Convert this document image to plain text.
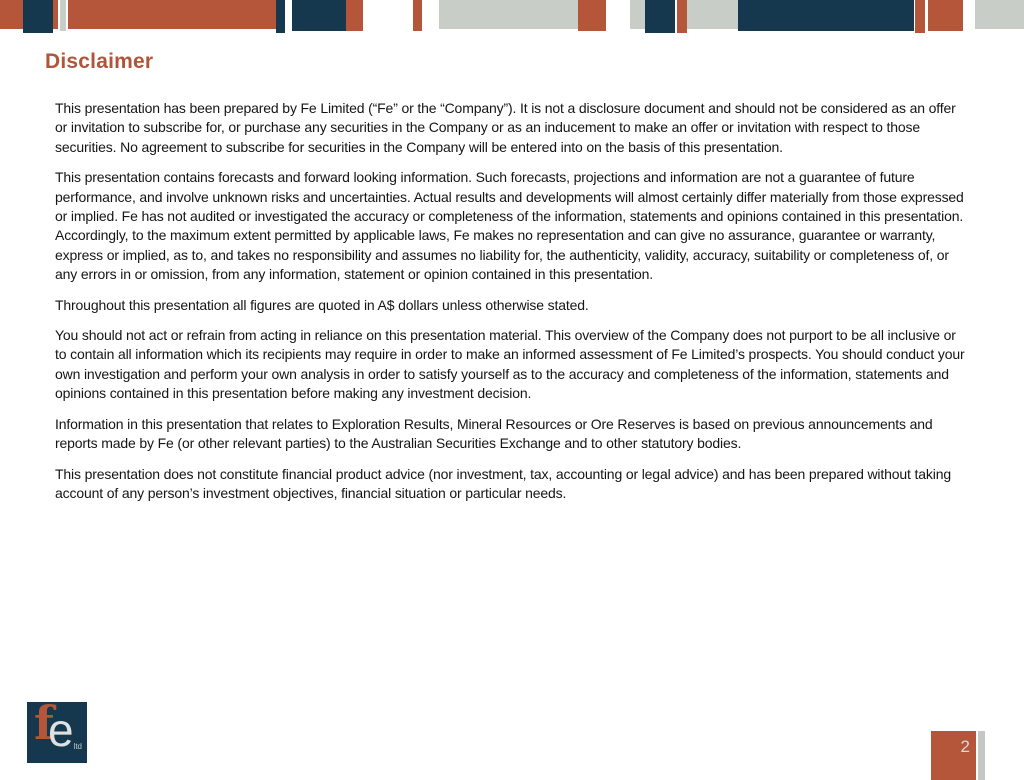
Disclaimer

This presentation has been prepared by Fe Limited (“Fe” or the “Company”). It is not a disclosure document and should not be considered as an offer or invitation to subscribe for, or purchase any securities in the Company or as an inducement to make an offer or invitation with respect to those securities. No agreement to subscribe for securities in the Company will be entered into on the basis of this presentation.

This presentation contains forecasts and forward looking information. Such forecasts, projections and information are not a guarantee of future performance, and involve unknown risks and uncertainties. Actual results and developments will almost certainly differ materially from those expressed or implied. Fe has not audited or investigated the accuracy or completeness of the information, statements and opinions contained in this presentation. Accordingly, to the maximum extent permitted by applicable laws, Fe makes no representation and can give no assurance, guarantee or warranty, express or implied, as to, and takes no responsibility and assumes no liability for, the authenticity, validity, accuracy, suitability or completeness of, or any errors in or omission, from any information, statement or opinion contained in this presentation.

Throughout this presentation all figures are quoted in A$ dollars unless otherwise stated.

You should not act or refrain from acting in reliance on this presentation material. This overview of the Company does not purport to be all inclusive or to contain all information which its recipients may require in order to make an informed assessment of Fe Limited’s prospects. You should conduct your own investigation and perform your own analysis in order to satisfy yourself as to the accuracy and completeness of the information, statements and opinions contained in this presentation before making any investment decision.

Information in this presentation that relates to Exploration Results, Mineral Resources or Ore Reserves is based on previous announcements and reports made by Fe (or other relevant parties) to the Australian Securities Exchange and to other statutory bodies.

This presentation does not constitute financial product advice (nor investment, tax, accounting or legal advice) and has been prepared without taking account of any person’s investment objectives, financial situation or particular needs.

f
e ltd	2
